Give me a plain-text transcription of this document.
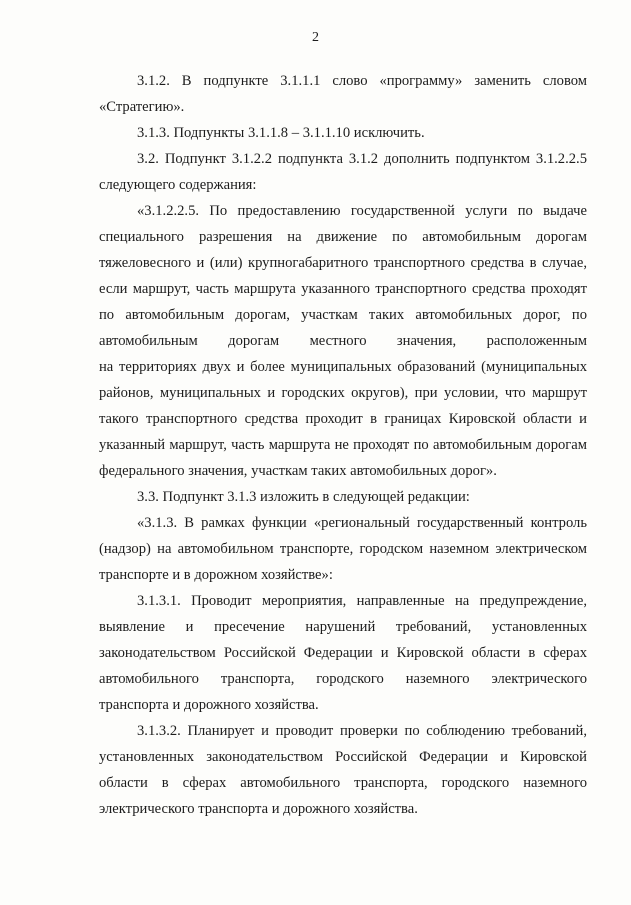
2
3.1.2. В подпункте 3.1.1.1 слово «программу» заменить словом
«Стратегию».
3.1.3. Подпункты 3.1.1.8 – 3.1.1.10 исключить.
3.2. Подпункт 3.1.2.2 подпункта 3.1.2 дополнить подпунктом 3.1.2.2.5
следующего содержания:
«3.1.2.2.5. По предоставлению государственной услуги по выдаче
специального разрешения на движение по автомобильным дорогам
тяжеловесного и (или) крупногабаритного транспортного средства в случае,
если маршрут, часть маршрута указанного транспортного средства проходят
по автомобильным дорогам, участкам таких автомобильных дорог, по
автомобильным дорогам местного значения, расположенным
на территориях двух и более муниципальных образований (муниципальных
районов, муниципальных и городских округов), при условии, что маршрут
такого транспортного средства проходит в границах Кировской области и
указанный маршрут, часть маршрута не проходят по автомобильным дорогам
федерального значения, участкам таких автомобильных дорог».
3.3. Подпункт 3.1.3 изложить в следующей редакции:
«3.1.3. В рамках функции «региональный государственный контроль
(надзор) на автомобильном транспорте, городском наземном электрическом
транспорте и в дорожном хозяйстве»:
3.1.3.1. Проводит мероприятия, направленные на предупреждение,
выявление и пресечение нарушений требований, установленных
законодательством Российской Федерации и Кировской области в сферах
автомобильного транспорта, городского наземного электрического
транспорта и дорожного хозяйства.
3.1.3.2. Планирует и проводит проверки по соблюдению требований,
установленных законодательством Российской Федерации и Кировской
области в сферах автомобильного транспорта, городского наземного
электрического транспорта и дорожного хозяйства.
